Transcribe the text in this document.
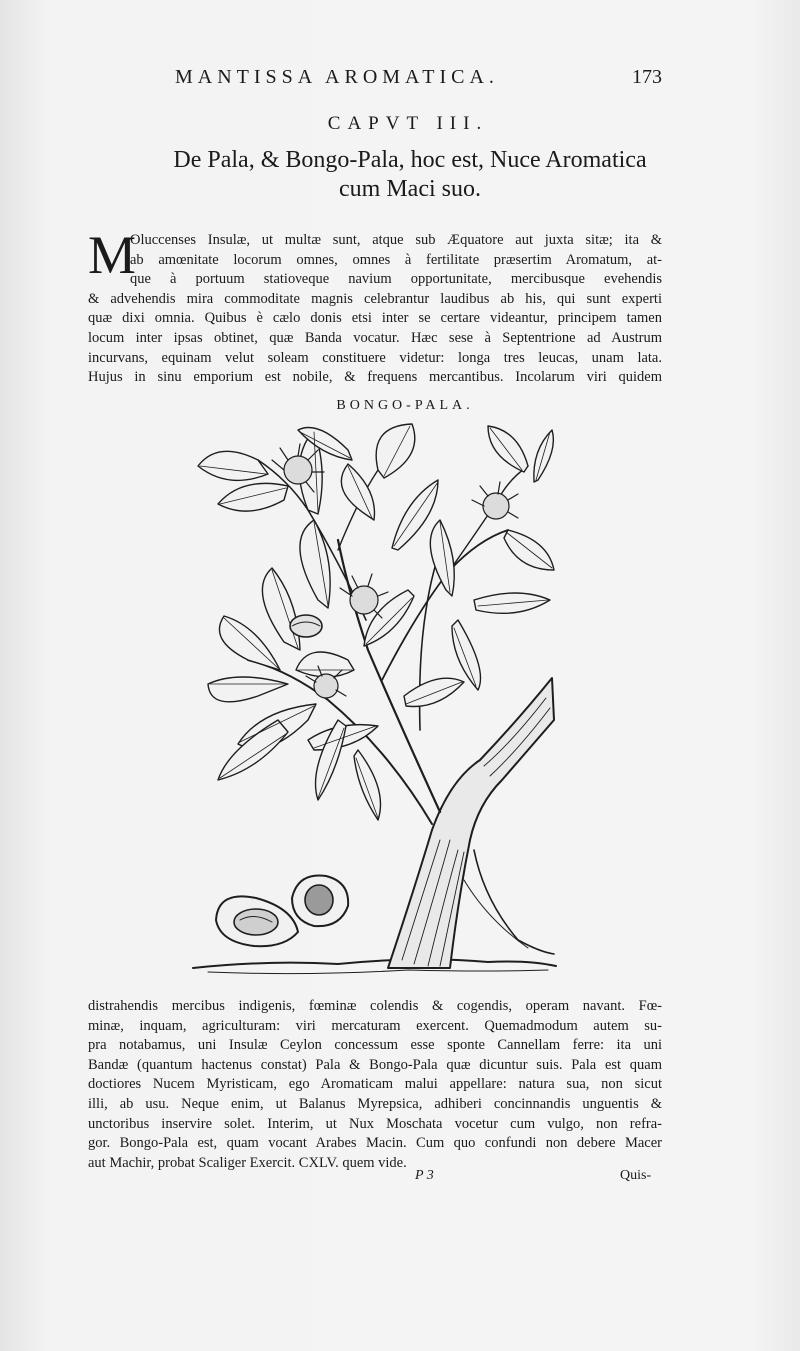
MANTISSA AROMATICA.	173
CAPVT III.
De Pala, & Bongo-Pala, hoc est, Nuce Aromatica
cum Maci suo.
M
Oluccenses Insulæ, ut multæ sunt, atque sub Æquatore aut juxta sitæ; ita &
ab amœnitate locorum omnes, omnes à fertilitate præsertim Aromatum, at-
que à portuum statioνeque navium opportunitate, mercibusque evehendis
& advehendis mira commoditate magnis celebrantur laudibus ab his, qui sunt experti
quæ dixi omnia. Quibus è cælo donis etsi inter se certare videantur, principem tamen
locum inter ipsas obtinet, quæ Banda vocatur. Hæc sese à Septentrione ad Austrum
incurvans, equinam velut soleam constituere videtur: longa tres leucas, unam lata.
Hujus in sinu emporium est nobile, & frequens mercantibus. Incolarum viri quidem
BONGO-PALA.
distrahendis mercibus indigenis, fœminæ colendis & cogendis, operam navant. Fœ-
minæ, inquam, agriculturam: viri mercaturam exercent. Quemadmodum autem su-
pra notabamus, uni Insulæ Ceylon concessum esse sponte Cannellam ferre: ita uni
Bandæ (quantum hactenus constat) Pala & Bongo-Pala quæ dicuntur suis. Pala est quam
doctiores Nucem Myristicam, ego Aromaticam malui appellare: natura sua, non sicut
illi, ab usu. Neque enim, ut Balanus Myrepsica, adhiberi concinnandis unguentis &
unctoribus inservire solet. Interim, ut Nux Moschata vocetur cum vulgo, non refra-
gor. Bongo-Pala est, quam vocant Arabes Macin. Cum quo confundi non debere Macer
aut Machir, probat Scaliger Exercit. CXLV. quem vide.
P 3	Quis-
